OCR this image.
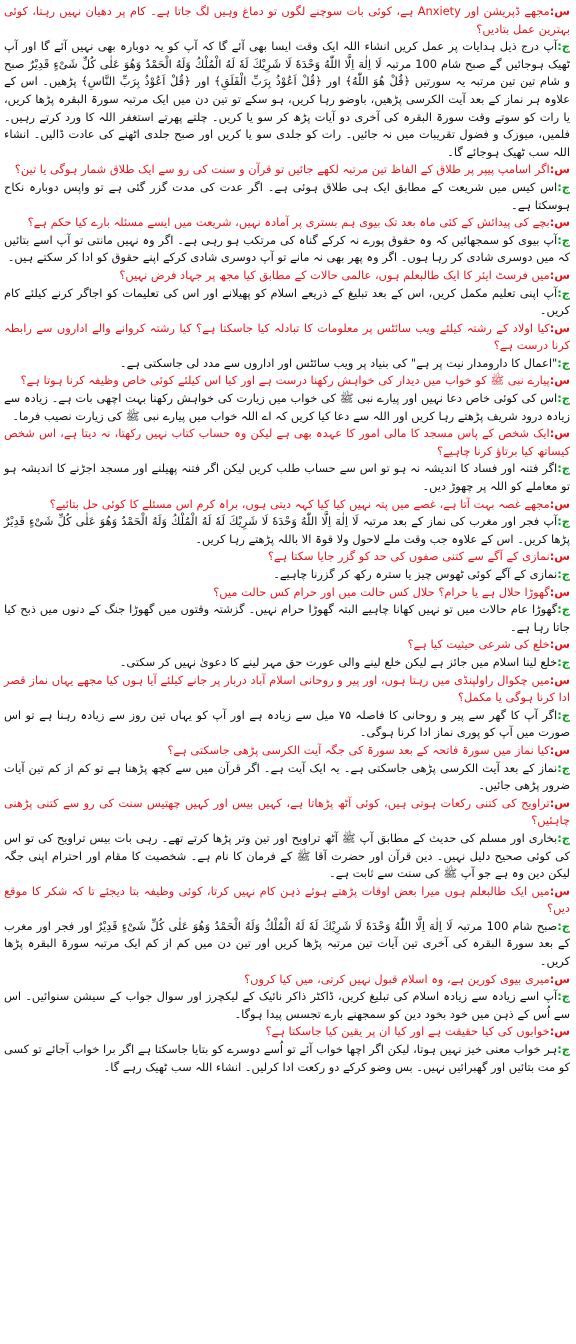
س:مجھے ڈپریشن اور Anxiety ہے، کوئی بات سوچنے لگوں تو دماغ وہیں لگ جاتا ہے۔ کام پر دھیان نہیں رہتا، کوئی بہترین عمل بتادیں؟

ج:آپ درج ذیل ہدایات پر عمل کریں انشاء اللہ ایک وقت ایسا بھی آئے گا کہ آپ کو یہ دوبارہ بھی نہیں آئے گا اور آپ ٹھیک ہوجائیں گے صبح شام 100 مرتبہ لَا اِلٰهَ اِلَّا اللّٰهُ وَحْدَهٗ لَا شَرِیْكَ لَهٗ لَهُ الْمُلْكُ وَلَهُ الْحَمْدُ وَهُوَ عَلٰی كُلِّ شَیْءٍ قَدِیْرٌ صبح و شام تین تین مرتبہ یہ سورتیں ﴿قُلْ هُوَ اللّٰهُ﴾ اور ﴿قُلْ اَعُوْذُ بِرَبِّ الْفَلَقِ﴾ اور ﴿قُلْ اَعُوْذُ بِرَبِّ النَّاسِ﴾ پڑھیں۔ اس کے علاوہ ہر نماز کے بعد آیت الکرسی پڑھیں، باوضو رہا کریں، ہو سکے تو تین دن میں ایک مرتبہ سورۃ البقرہ پڑھا کریں، یا رات کو سوتے وقت سورۃ البقرہ کی آخری دو آیات پڑھ کر سو یا کریں۔ چلتے پھرتے استغفر اللہ کا ورد کرتے رہیں۔ فلمیں، میوزک و فضول تقریبات میں نہ جائیں۔ رات کو جلدی سو یا کریں اور صبح جلدی اٹھنے کی عادت ڈالیں۔ انشاء اللہ سب ٹھیک ہوجائے گا۔

س:اگر اسامپ پیپر پر طلاق کے الفاظ تین مرتبہ لکھے جائیں تو قرآن و سنت کی رو سے ایک طلاق شمار ہوگی یا تین؟

ج:اس کیس میں شریعت کے مطابق ایک ہی طلاق ہوئی ہے۔ اگر عدت کی مدت گزر گئی ہے تو واپس دوبارہ نکاح ہوسکتا ہے۔

س:بچے کی پیدائش کے کئی ماہ بعد تک بیوی ہم بستری پر آمادہ نہیں، شریعت میں ایسے مسئلہ بارے کیا حکم ہے؟

ج:آپ بیوی کو سمجھائیں کہ وہ حقوق پورے نہ کرکے گناہ کی مرتکب ہو رہی ہے۔ اگر وہ نہیں مانتی تو آپ اسے بتائیں کہ میں دوسری شادی کر رہا ہوں۔ اگر وہ پھر بھی نہ مانے تو آپ دوسری شادی کرکے اپنے حقوق کو ادا کر سکتے ہیں۔

س:میں فرسٹ ایئر کا ایک طالبعلم ہوں، عالمی حالات کے مطابق کیا مجھ پر جہاد فرض نہیں؟

ج:آپ اپنی تعلیم مکمل کریں، اس کے بعد تبلیغ کے ذریعے اسلام کو پھیلانے اور اس کی تعلیمات کو اجاگر کرنے کیلئے کام کریں۔

س:کیا اولاد کے رشتہ کیلئے ویب سائٹس پر معلومات کا تبادلہ کیا جاسکتا ہے؟ کیا رشتہ کروانے والے اداروں سے رابطہ کرنا درست ہے؟

ج:"اعمال کا دارومدار نیت پر ہے" کی بنیاد پر ویب سائٹس اور اداروں سے مدد لی جاسکتی ہے۔

س:پیارے نبی ﷺ کو خواب میں دیدار کی خواہش رکھنا درست ہے اور کیا اس کیلئے کوئی خاص وظیفہ کرنا ہوتا ہے؟

ج:اس کی کوئی خاص دعا نہیں اور پیارے نبی ﷺ کی خواب میں زیارت کی خواہش رکھنا بہت اچھی بات ہے۔ زیادہ سے زیادہ درود شریف پڑھتے رہا کریں اور اللہ سے دعا کیا کریں کہ اے اللہ خواب میں پیارے نبی ﷺ کی زیارت نصیب فرما۔

س:ایک شخص کے پاس مسجد کا مالی امور کا عہدہ بھی ہے لیکن وہ حساب کتاب نہیں رکھتا، نہ دیتا ہے، اس شخص کیساتھ کیا برتاؤ کرنا چاہیے؟

ج:اگر فتنہ اور فساد کا اندیشہ نہ ہو تو اس سے حساب طلب کریں لیکن اگر فتنہ پھیلنے اور مسجد اجڑنے کا اندیشہ ہو تو معاملے کو اللہ پر چھوڑ دیں۔

س:مجھے غصہ بہت آتا ہے، غصے میں پتہ نہیں کیا کیا کہہ دیتی ہوں، براہ کرم اس مسئلے کا کوئی حل بتائیے؟

ج:آپ فجر اور مغرب کی نماز کے بعد مرتبہ لَا اِلٰهَ اِلَّا اللّٰهُ وَحْدَهٗ لَا شَرِیْكَ لَهٗ لَهُ الْمُلْكُ وَلَهُ الْحَمْدُ وَهُوَ عَلٰی كُلِّ شَیْءٍ قَدِیْرٌ پڑھا کریں۔ اس کے علاوہ جب وقت ملے لاحول ولا قوۃ الا باللہ پڑھتے رہا کریں۔

س:نمازی کے آگے سے کتنی صفوں کی حد کو گزر جایا سکتا ہے؟

ج:نمازی کے آگے کوئی ٹھوس چیز یا سترہ رکھ کر گزرنا چاہیے۔

س:گھوڑا حلال ہے یا حرام؟ حلال کس حالت میں اور حرام کس حالت میں؟

ج:گھوڑا عام حالات میں تو نہیں کھانا چاہیے البتہ گھوڑا حرام نہیں۔ گزشتہ وقتوں میں گھوڑا جنگ کے دنوں میں ذبح کیا جاتا رہا ہے۔

س:خلع کی شرعی حیثیت کیا ہے؟

ج:خلع لینا اسلام میں جائز ہے لیکن خلع لینے والی عورت حق مہر لینے کا دعویٰ نہیں کر سکتی۔

س:میں چکوال راولپنڈی میں رہتا ہوں، اور پیر و روحانی اسلام آباد دربار پر جانے کیلئے آیا ہوں کیا مجھے یہاں نماز قصر ادا کرنا ہوگی یا مکمل؟

ج:اگر آپ کا گھر سے پیر و روحانی کا فاصلہ ۷۵ میل سے زیادہ ہے اور آپ کو یہاں تین روز سے زیادہ رہنا ہے تو اس صورت میں آپ کو پوری نماز ادا کرنا ہوگی۔

س:کیا نماز میں سورۃ فاتحہ کے بعد سورۃ کی جگہ آیت الکرسی پڑھی جاسکتی ہے؟

ج:نماز کے بعد آیت الکرسی پڑھی جاسکتی ہے۔ یہ ایک آیت ہے۔ اگر قرآن میں سے کچھ پڑھنا ہے تو کم از کم تین آیات ضرور پڑھی جائیں۔

س:تراویح کی کتنی رکعات ہوتی ہیں، کوئی آٹھ پڑھاتا ہے، کہیں بیس اور کہیں چھتیس سنت کی رو سے کتنی پڑھنی چاہئیں؟

ج:بخاری اور مسلم کی حدیث کے مطابق آپ ﷺ آٹھ تراویح اور تین وتر پڑھا کرتے تھے۔ رہی بات بیس تراویح کی تو اس کی کوئی صحیح دلیل نہیں۔ دین قرآن اور حضرت آقا ﷺ کے فرمان کا نام ہے۔ شخصیت کا مقام اور احترام اپنی جگہ لیکن دین وہ ہے جو آپ ﷺ کی سنت سے ثابت ہے۔

س:میں ایک طالبعلم ہوں میرا بعض اوقات پڑھتے ہوئے ذہن کام نہیں کرتا، کوئی وظیفہ بتا دیجئے تا کہ شکر کا موقع دیں؟

ج:صبح شام 100 مرتبہ لَا اِلٰهَ اِلَّا اللّٰهُ وَحْدَهٗ لَا شَرِیْكَ لَهٗ لَهُ الْمُلْكُ وَلَهُ الْحَمْدُ وَهُوَ عَلٰی كُلِّ شَیْءٍ قَدِیْرٌ اور فجر اور مغرب کے بعد سورۃ البقرہ کی آخری تین آیات تین مرتبہ پڑھا کریں اور تین دن میں کم از کم ایک مرتبہ سورۃ البقرہ پڑھا کریں۔

س:میری بیوی کورین ہے، وہ اسلام قبول نہیں کرتی، میں کیا کروں؟

ج:آپ اسے زیادہ سے زیادہ اسلام کی تبلیغ کریں، ڈاکٹر ذاکر نائیک کے لیکچرز اور سوال جواب کے سیشن سنوائیں۔ اس سے اُس کے ذہن میں خود بخود دین کو سمجھنے بارے تجسس پیدا ہوگا۔

س:خوابوں کی کیا حقیقت ہے اور کیا ان پر یقین کیا جاسکتا ہے؟

ج:ہر خواب معنی خیز نہیں ہوتا، لیکن اگر اچھا خواب آئے تو اُسے دوسرے کو بتایا جاسکتا ہے اگر برا خواب آجائے تو کسی کو مت بتائیں اور گھبرائیں نہیں۔ بس وضو کرکے دو رکعت ادا کرلیں۔ انشاء اللہ سب ٹھیک رہے گا۔
